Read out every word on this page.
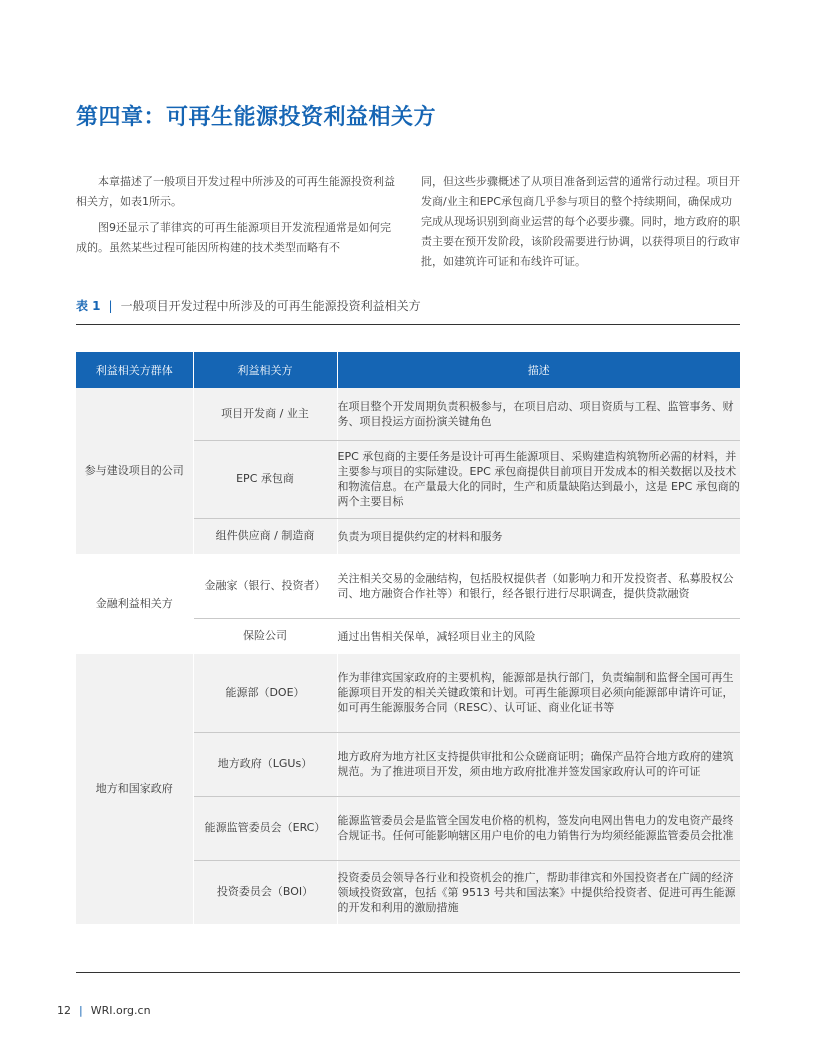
第四章：可再生能源投资利益相关方

本章描述了一般项目开发过程中所涉及的可再生能源投资利益相关方，如表1所示。

图9还显示了菲律宾的可再生能源项目开发流程通常是如何完成的。虽然某些过程可能因所构建的技术类型而略有不

同，但这些步骤概述了从项目准备到运营的通常行动过程。项目开发商/业主和EPC承包商几乎参与项目的整个持续期间，确保成功完成从现场识别到商业运营的每个必要步骤。同时，地方政府的职责主要在预开发阶段，该阶段需要进行协调，以获得项目的行政审批，如建筑许可证和布线许可证。

表 1 | 一般项目开发过程中所涉及的可再生能源投资利益相关方
利益相关方群体	利益相关方	描述
参与建设项目的公司	项目开发商 / 业主	在项目整个开发周期负责积极参与，在项目启动、项目资质与工程、监管事务、财务、项目投运方面扮演关键角色
	EPC 承包商	EPC 承包商的主要任务是设计可再生能源项目、采购建造构筑物所必需的材料，并主要参与项目的实际建设。EPC 承包商提供目前项目开发成本的相关数据以及技术和物流信息。在产量最大化的同时，生产和质量缺陷达到最小，这是 EPC 承包商的两个主要目标
	组件供应商 / 制造商	负责为项目提供约定的材料和服务
金融利益相关方	金融家（银行、投资者）	关注相关交易的金融结构，包括股权提供者（如影响力和开发投资者、私募股权公司、地方融资合作社等）和银行，经各银行进行尽职调查，提供贷款融资
	保险公司	通过出售相关保单，减轻项目业主的风险
地方和国家政府	能源部（DOE）	作为菲律宾国家政府的主要机构，能源部是执行部门，负责编制和监督全国可再生能源项目开发的相关关键政策和计划。可再生能源项目必须向能源部申请许可证，如可再生能源服务合同（RESC）、认可证、商业化证书等
	地方政府（LGUs）	地方政府为地方社区支持提供审批和公众磋商证明；确保产品符合地方政府的建筑规范。为了推进项目开发，须由地方政府批准并签发国家政府认可的许可证
	能源监管委员会（ERC）	能源监管委员会是监管全国发电价格的机构，签发向电网出售电力的发电资产最终合规证书。任何可能影响辖区用户电价的电力销售行为均须经能源监管委员会批准
	投资委员会（BOI）	投资委员会领导各行业和投资机会的推广，帮助菲律宾和外国投资者在广阔的经济领域投资致富，包括《第 9513 号共和国法案》中提供给投资者、促进可再生能源的开发和利用的激励措施
12 | WRI.org.cn
